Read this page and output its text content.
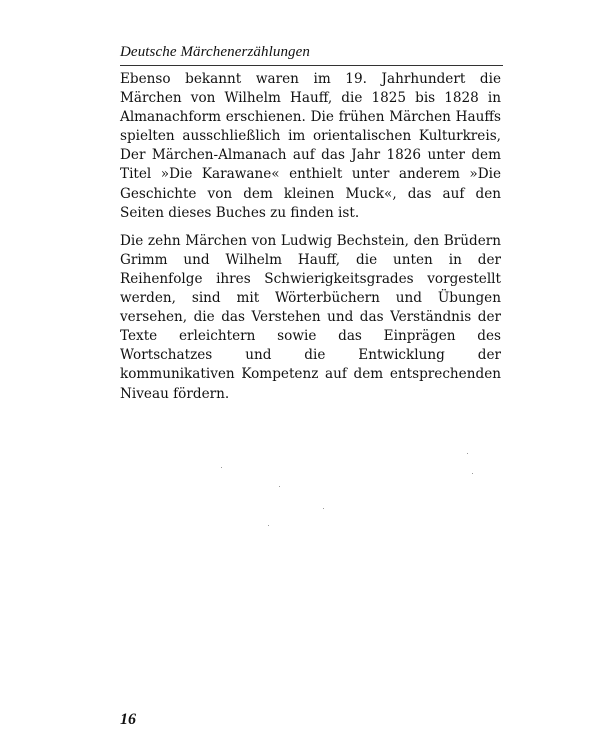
Deutsche Märchenerzählungen

Ebenso bekannt waren im 19. Jahrhundert die Märchen von Wilhelm Hauff, die 1825 bis 1828 in Almanachform erschienen. Die frühen Märchen Hauffs spielten ausschließlich im orientalischen Kulturkreis, Der Märchen-Almanach auf das Jahr 1826 unter dem Titel »Die Karawane« enthielt unter anderem »Die Geschichte von dem kleinen Muck«, das auf den Seiten dieses Buches zu finden ist.

Die zehn Märchen von Ludwig Bechstein, den Brüdern Grimm und Wilhelm Hauff, die unten in der Reihenfolge ihres Schwierigkeitsgrades vorgestellt werden, sind mit Wörterbüchern und Übungen versehen, die das Verstehen und das Verständnis der Texte erleichtern sowie das Einprägen des Wortschatzes und die Entwicklung der kommunikativen Kompetenz auf dem entsprechenden Niveau fördern.

16
